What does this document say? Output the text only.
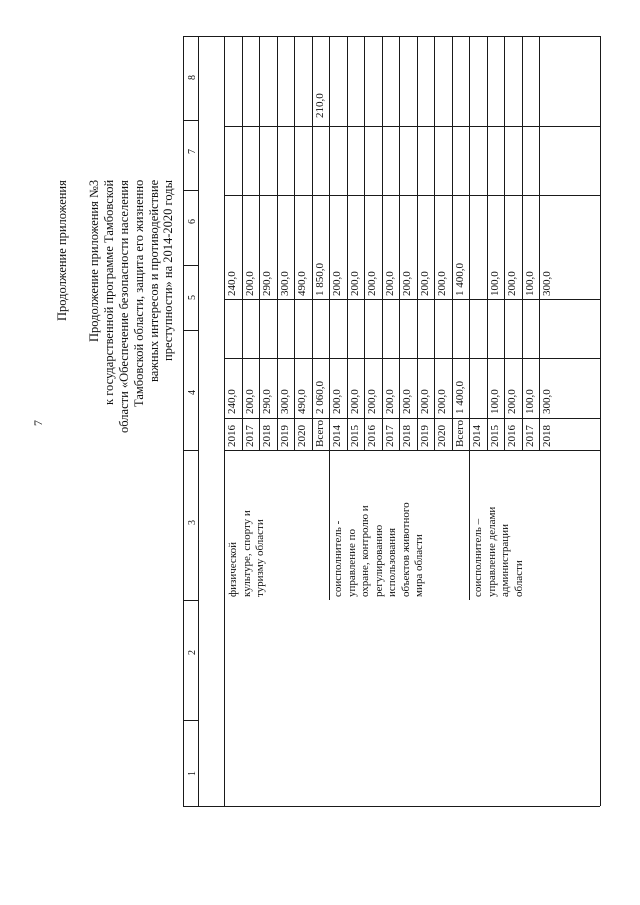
7
Продолжение приложения Продолжение приложения №3 к государственной программе Тамбовской области «Обеспечение безопасности населения Тамбовской области, защита его жизненно важных интересов и противодействие преступности» на 2014-2020 годы
1
2
3
4
5
6
7
8
физической культуре, спорту и туризму области
2016
240,0
240,0
2017
200,0
200,0
2018
290,0
290,0
2019
300,0
300,0
2020
490,0
490,0
Всего
2 060,0
1 850,0
210,0
соисполнитель - управление по охране, контролю и регулированию использования объектов животного мира области
2014
200,0
200,0
2015
200,0
200,0
2016
200,0
200,0
2017
200,0
200,0
2018
200,0
200,0
2019
200,0
200,0
2020
200,0
200,0
Всего
1 400,0
1 400,0
соисполнитель – управление делами администрации области
2014 2015
100,0
100,0
2016
200,0
200,0
2017
100,0
100,0
2018
300,0
300,0
